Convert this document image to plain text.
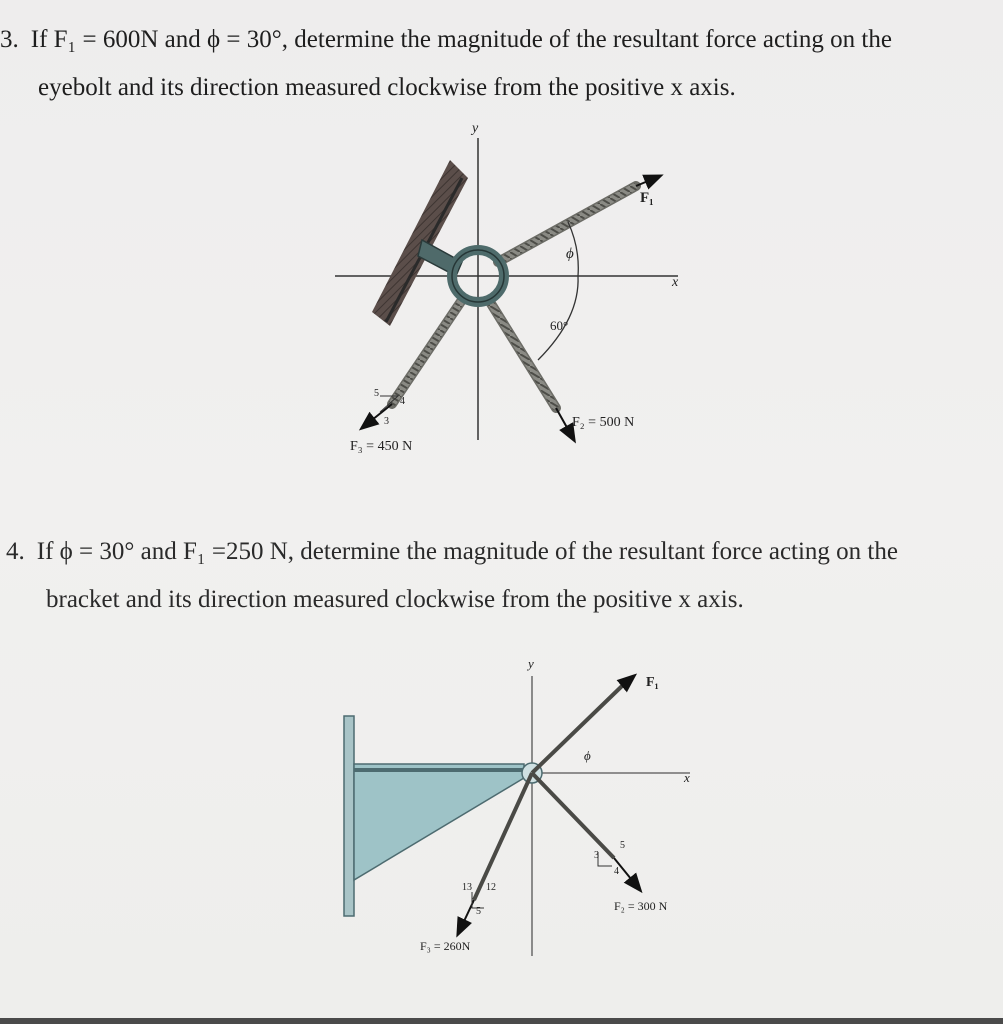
3. If F₁ = 600N and ϕ = 30°, determine the magnitude of the resultant force acting on the
eyebolt and its direction measured clockwise from the positive x axis.
y
x
F₁
ϕ
60°
F₂ = 500 N
F₃ = 450 N
5
4
3
4. If ϕ = 30° and F₁ =250 N, determine the magnitude of the resultant force acting on the
bracket and its direction measured clockwise from the positive x axis.
y
x
F₁
ϕ
F₂ = 300 N
F₃ = 260N
13 12
5
3
4
5
